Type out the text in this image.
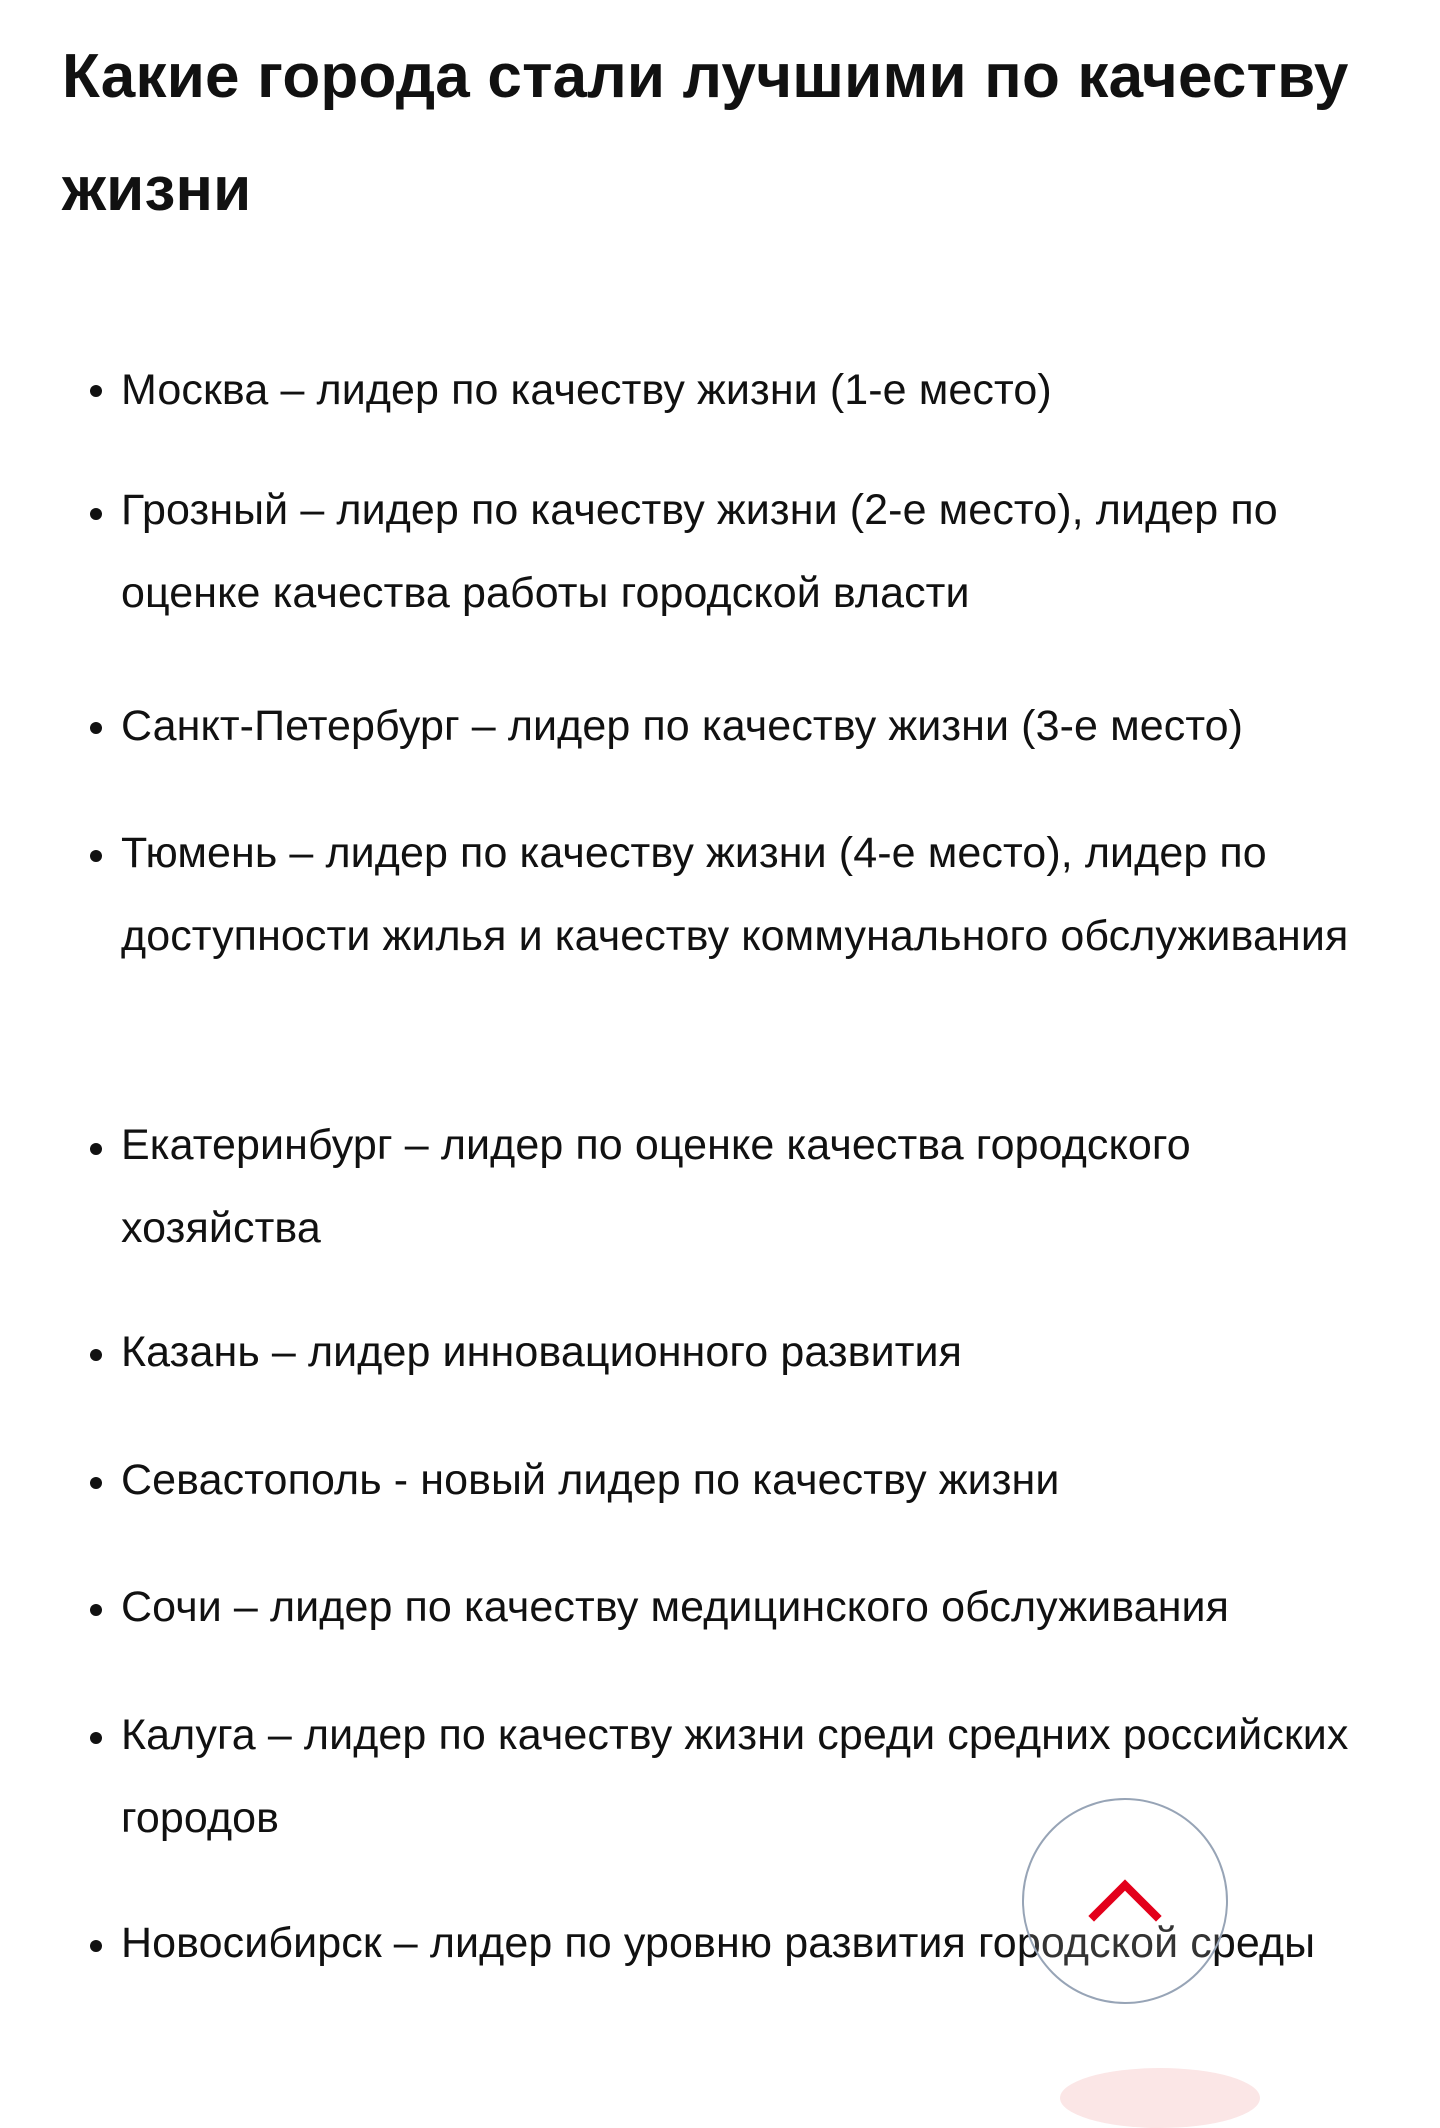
Какие города стали лучшими по качеству жизни
Москва – лидер по качеству жизни (1-е место)
Грозный – лидер по качеству жизни (2-е место), лидер по оценке качества работы городской власти
Санкт-Петербург – лидер по качеству жизни (3-е место)
Тюмень – лидер по качеству жизни (4-е место), лидер по доступности жилья и качеству коммунального обслуживания
Екатеринбург – лидер по оценке качества городского хозяйства
Казань – лидер инновационного развития
Севастополь - новый лидер по качеству жизни
Сочи – лидер по качеству медицинского обслуживания
Калуга – лидер по качеству жизни среди средних российских городов
Новосибирск – лидер по уровню развития городской среды
